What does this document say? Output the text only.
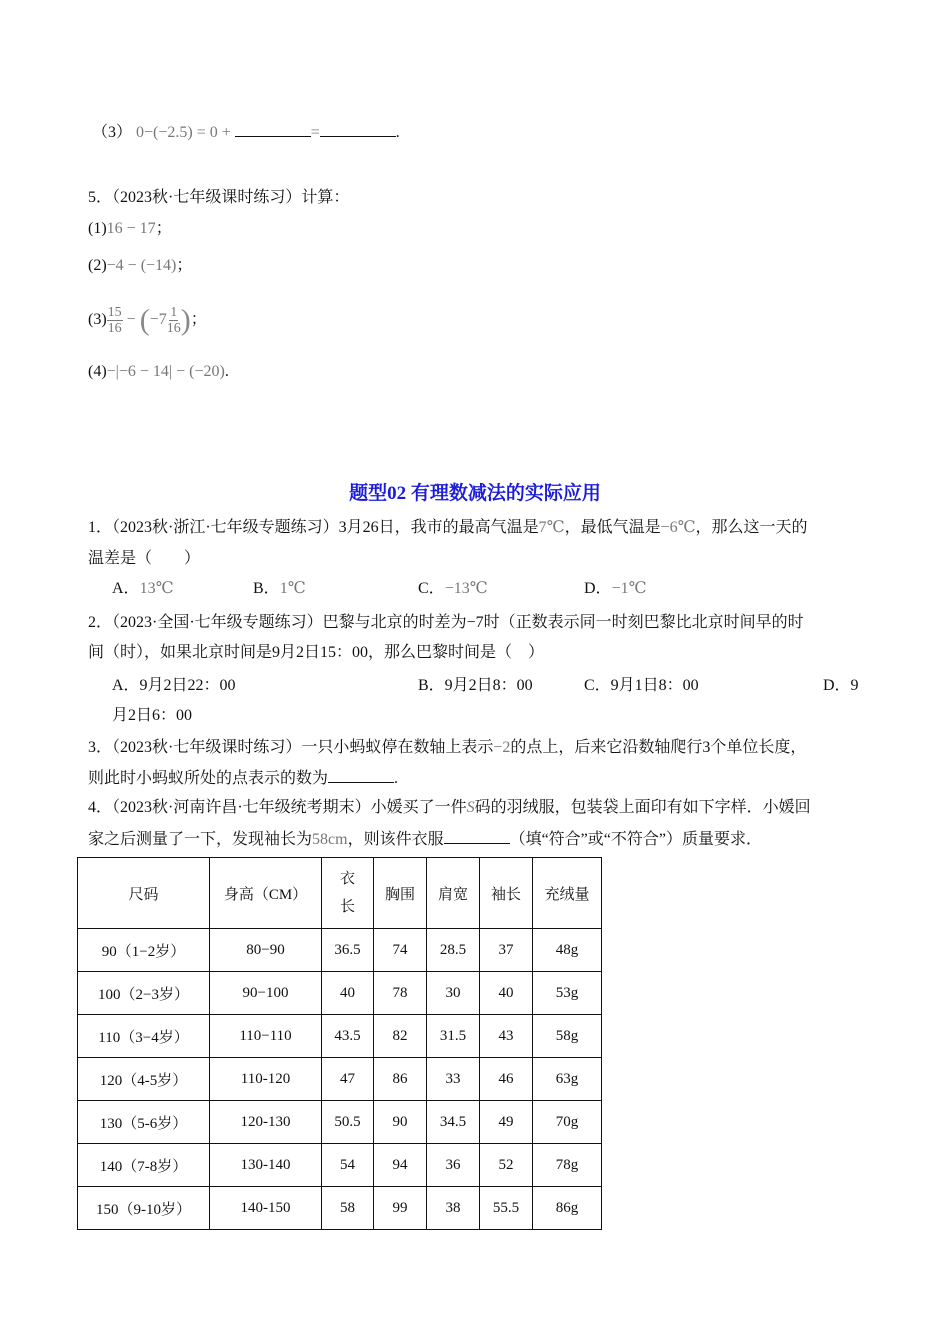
（3） 0−(−2.5) = 0 +	=	.
5．（2023秋·七年级课时练习）计算：
(1)16 − 17；
(2)−4 − (−14)；
$(3) \frac{15}{16} - (-7 \frac{1}{16}$ )；
(4)−|−6 − 14| − (−20).
题型02 有理数减法的实际应用
1．（2023秋·浙江·七年级专题练习）3月26日，我市的最高气温是7℃，最低气温是−6℃，那么这一天的
温差是（　　）
A．13℃	B．1℃	C．−13℃	D．−1℃
2．（2023·全国·七年级专题练习）巴黎与北京的时差为−7时（正数表示同一时刻巴黎比北京时间早的时
间（时），如果北京时间是9月2日15：00，那么巴黎时间是（　）
A．9月2日22：00	B．9月2日8：00	C．9月1日8：00	D．9
月2日6：00
3．（2023秋·七年级课时练习）一只小蚂蚁停在数轴上表示−2的点上，后来它沿数轴爬行3个单位长度，
则此时小蚂蚁所处的点表示的数为	.
4．（2023秋·河南许昌·七年级统考期末）小媛买了一件S码的羽绒服，包装袋上面印有如下字样．小媛回
家之后测量了一下，发现袖长为58cm，则该件衣服	（填“符合”或“不符合”）质量要求．
尺码	身高（CM）	衣长	胸围	肩宽	袖长	充绒量
90（1−2岁）	80−90	36.5	74	28.5	37	48g
100（2−3岁）	90−100	40	78	30	40	53g
110（3−4岁）	110−110	43.5	82	31.5	43	58g
120（4-5岁）	110-120	47	86	33	46	63g
130（5-6岁）	120-130	50.5	90	34.5	49	70g
140（7-8岁）	130-140	54	94	36	52	78g
150（9-10岁）	140-150	58	99	38	55.5	86g
